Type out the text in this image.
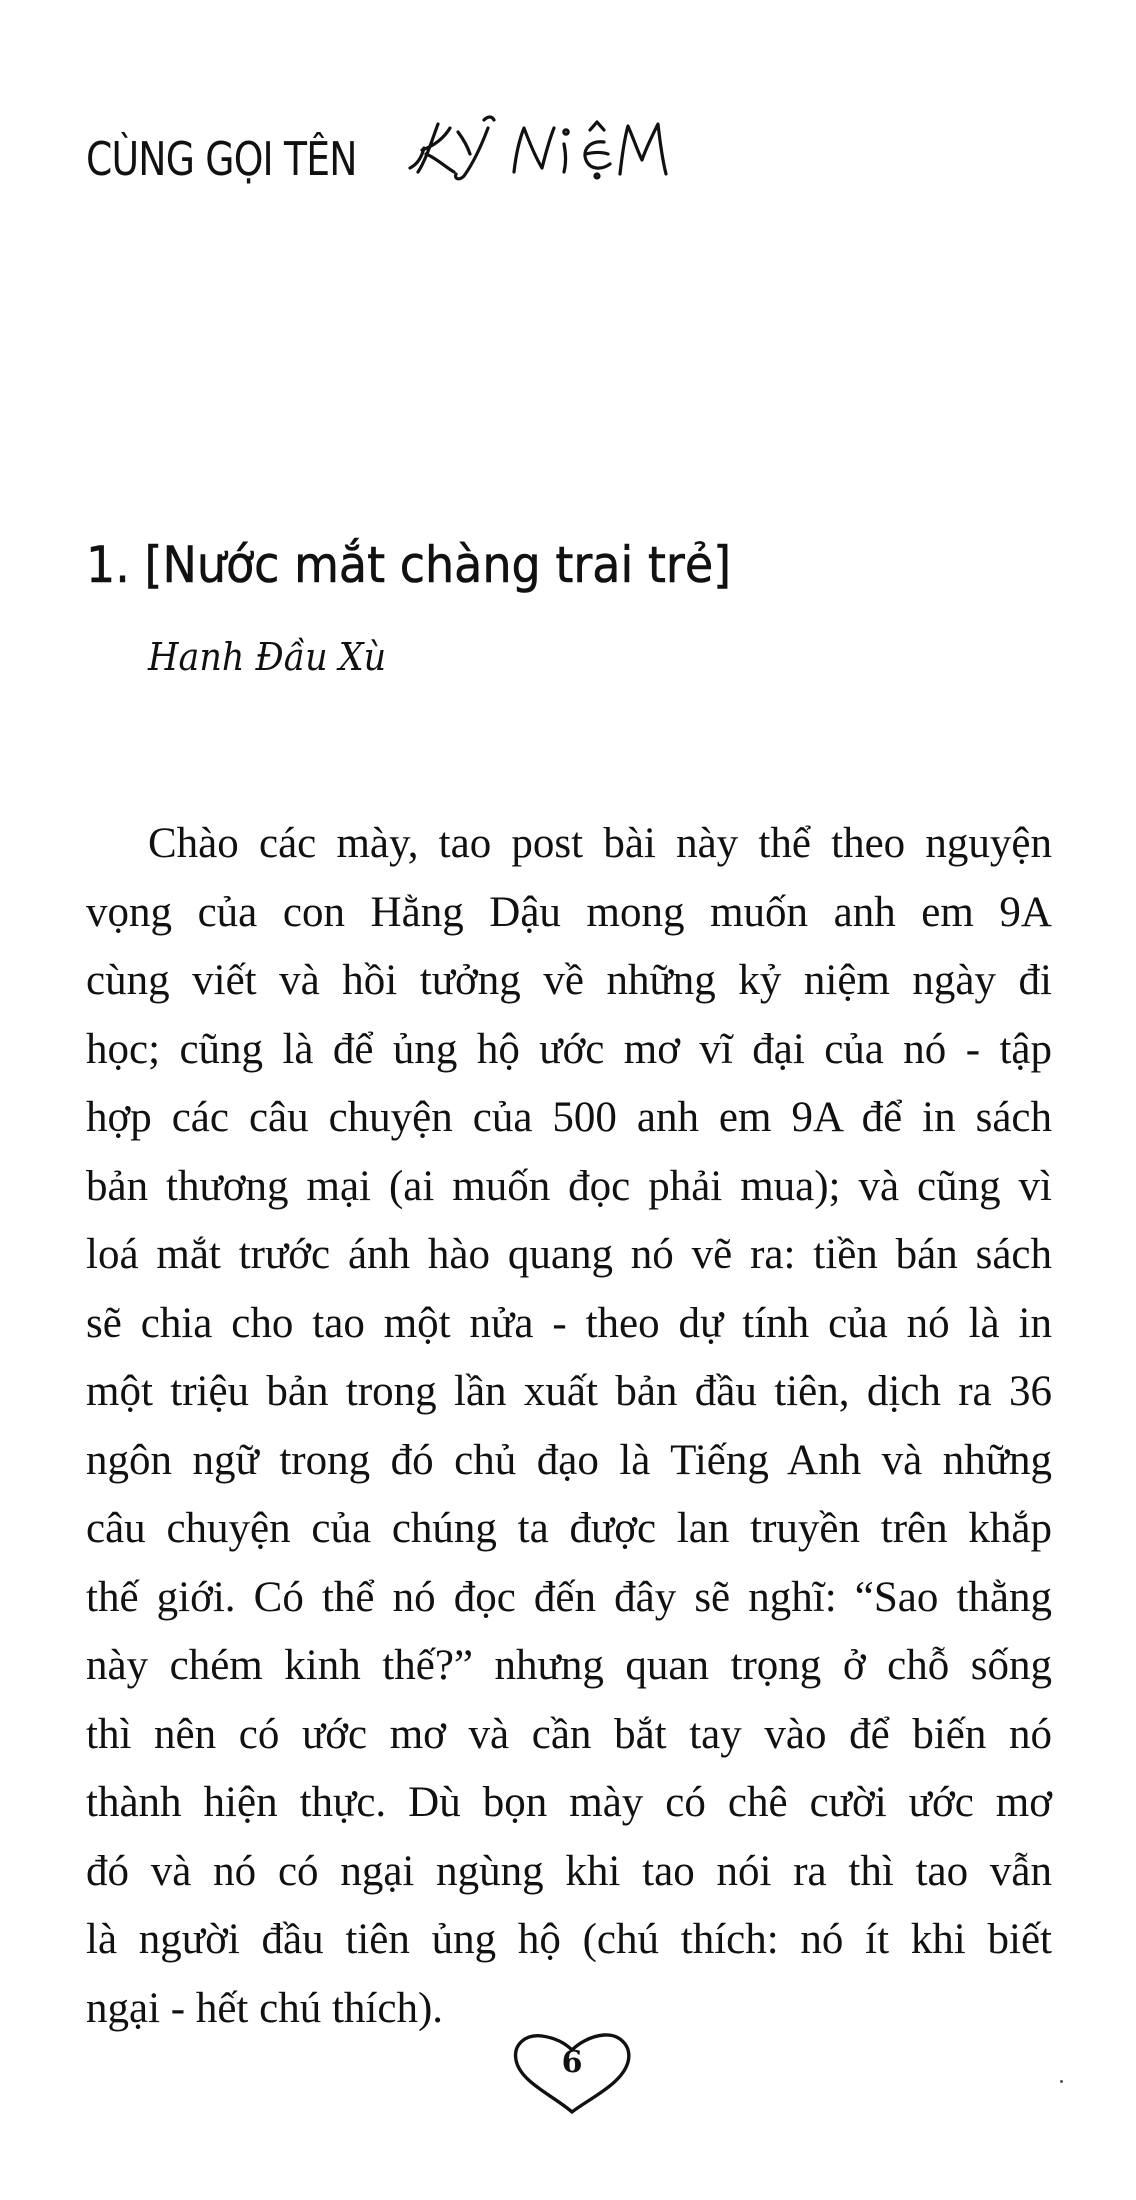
CÙNG GỌI TÊN
1. [Nước mắt chàng trai trẻ]
Hanh Đầu Xù
Chào các mày, tao post bài này thể theo nguyện
vọng của con Hằng Dậu mong muốn anh em 9A
cùng viết và hồi tưởng về những kỷ niệm ngày đi
học; cũng là để ủng hộ ước mơ vĩ đại của nó - tập
hợp các câu chuyện của 500 anh em 9A để in sách
bản thương mại (ai muốn đọc phải mua); và cũng vì
loá mắt trước ánh hào quang nó vẽ ra: tiền bán sách
sẽ chia cho tao một nửa - theo dự tính của nó là in
một triệu bản trong lần xuất bản đầu tiên, dịch ra 36
ngôn ngữ trong đó chủ đạo là Tiếng Anh và những
câu chuyện của chúng ta được lan truyền trên khắp
thế giới. Có thể nó đọc đến đây sẽ nghĩ: “Sao thằng
này chém kinh thế?” nhưng quan trọng ở chỗ sống
thì nên có ước mơ và cần bắt tay vào để biến nó
thành hiện thực. Dù bọn mày có chê cười ước mơ
đó và nó có ngại ngùng khi tao nói ra thì tao vẫn
là người đầu tiên ủng hộ (chú thích: nó ít khi biết
ngại - hết chú thích).
6
